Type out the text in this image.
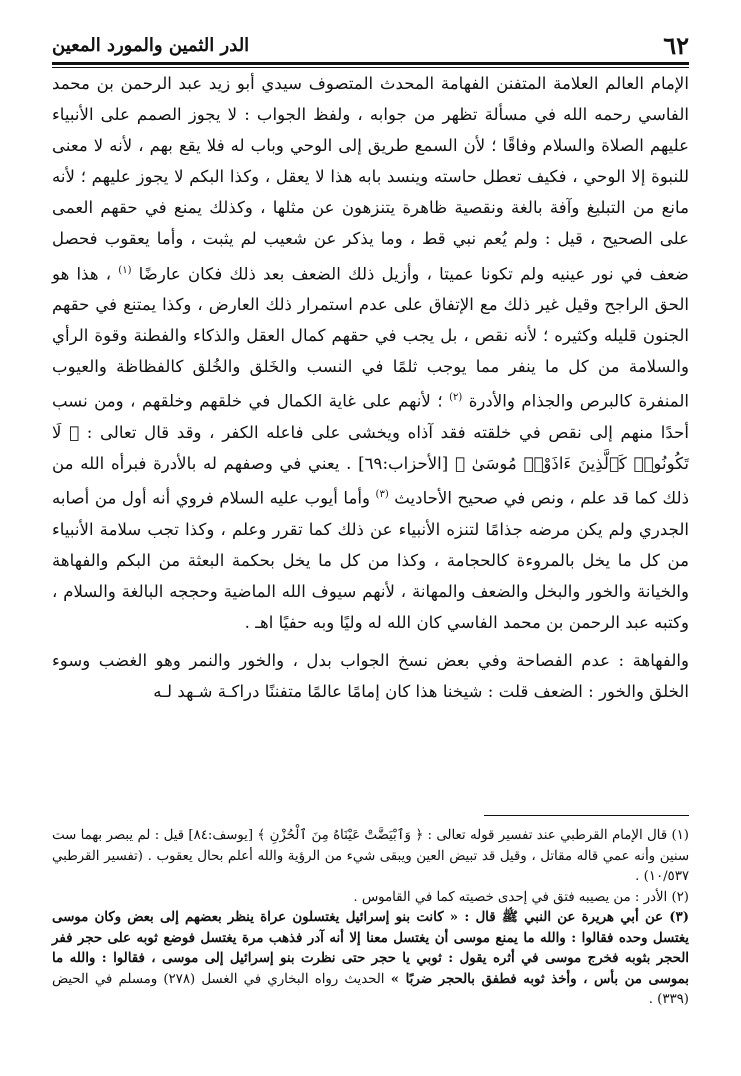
٦٢
الدر الثمين والمورد المعين

الإمام العالم العلامة المتفنن الفهامة المحدث المتصوف سيدي أبو زيد عبد الرحمن بن محمد الفاسي رحمه الله في مسألة تظهر من جوابه ، ولفظ الجواب : لا يجوز الصمم على الأنبياء عليهم الصلاة والسلام وفاقًا ؛ لأن السمع طريق إلى الوحي وباب له فلا يقع بهم ، لأنه لا معنى للنبوة إلا الوحي ، فكيف تعطل حاسته وينسد بابه هذا لا يعقل ، وكذا البكم لا يجوز عليهم ؛ لأنه مانع من التبليغ وآفة بالغة ونقصية ظاهرة يتنزهون عن مثلها ، وكذلك يمنع في حقهم العمى على الصحيح ، قيل : ولم يُعم نبي قط ، وما يذكر عن شعيب لم يثبت ، وأما يعقوب فحصل ضعف في نور عينيه ولم تكونا عميتا ، وأزيل ذلك الضعف بعد ذلك فكان عارضًا $^{(١)}$ ، هذا هو الحق الراجح وقيل غير ذلك مع الإتفاق على عدم استمرار ذلك العارض ، وكذا يمتنع في حقهم الجنون قليله وكثيره ؛ لأنه نقص ، بل يجب في حقهم كمال العقل والذكاء والفطنة وقوة الرأي والسلامة من كل ما ينفر مما يوجب ثلمًا في النسب والخَلق والخُلق كالفظاظة والعيوب المنفرة كالبرص والجذام والأدرة $^{(٢)}$ ؛ لأنهم على غاية الكمال في خلقهم وخلقهم ، ومن نسب أحدًا منهم إلى نقص في خلقته فقد آذاه ويخشى على فاعله الكفر ، وقد قال تعالى : ﴿ لَا تَكُونُوا۟ كَٱلَّذِينَ ءَاذَوْا۟ مُوسَىٰ ﴾ [الأحزاب:٦٩] . يعني في وصفهم له بالأدرة فبرأه الله من ذلك كما قد علم ، ونص في صحيح الأحاديث $^{(٣)}$ وأما أيوب عليه السلام فروي أنه أول من أصابه الجدري ولم يكن مرضه جذامًا لتنزه الأنبياء عن ذلك كما تقرر وعلم ، وكذا تجب سلامة الأنبياء من كل ما يخل بالمروءة كالحجامة ، وكذا من كل ما يخل بحكمة البعثة من البكم والفهاهة والخيانة والخور والبخل والضعف والمهانة ، لأنهم سيوف الله الماضية وحججه البالغة والسلام ، وكتبه عبد الرحمن بن محمد الفاسي كان الله له وليًا وبه حفيًا اهـ .

والفهاهة : عدم الفصاحة وفي بعض نسخ الجواب بدل ، والخور والنمر وهو الغضب وسوء الخلق والخور : الضعف قلت : شيخنا هذا كان إمامًا عالمًا متفننًا دراكـة شـهد لـه

(١) قال الإمام القرطبي عند تفسير قوله تعالى : ﴿ وَٱبْيَضَّتْ عَيْنَاهُ مِنَ ٱلْحُزْنِ ﴾ [يوسف:٨٤] قيل : لم يبصر بهما ست سنين وأنه عمي قاله مقاتل ، وقيل قد تبيض العين ويبقى شيء من الرؤية والله أعلم بحال يعقوب . (تفسير القرطبي ١٠/٥٣٧) .

(٢) الأدر : من يصيبه فتق في إحدى خصيته كما في القاموس .

(٣) عن أبي هريرة عن النبي ﷺ قال : « كانت بنو إسرائيل يغتسلون عراة ينظر بعضهم إلى بعض وكان موسى يغتسل وحده فقالوا : والله ما يمنع موسى أن يغتسل معنا إلا أنه آدر فذهب مرة يغتسل فوضع ثوبه على حجر ففر الحجر بثوبه فخرج موسى في أثره يقول : ثوبي يا حجر حتى نظرت بنو إسرائيل إلى موسى ، فقالوا : والله ما بموسى من بأس ، وأخذ ثوبه فطفق بالحجر ضربًا » الحديث رواه البخاري في الغسل (٢٧٨) ومسلم في الحيض (٣٣٩) .
